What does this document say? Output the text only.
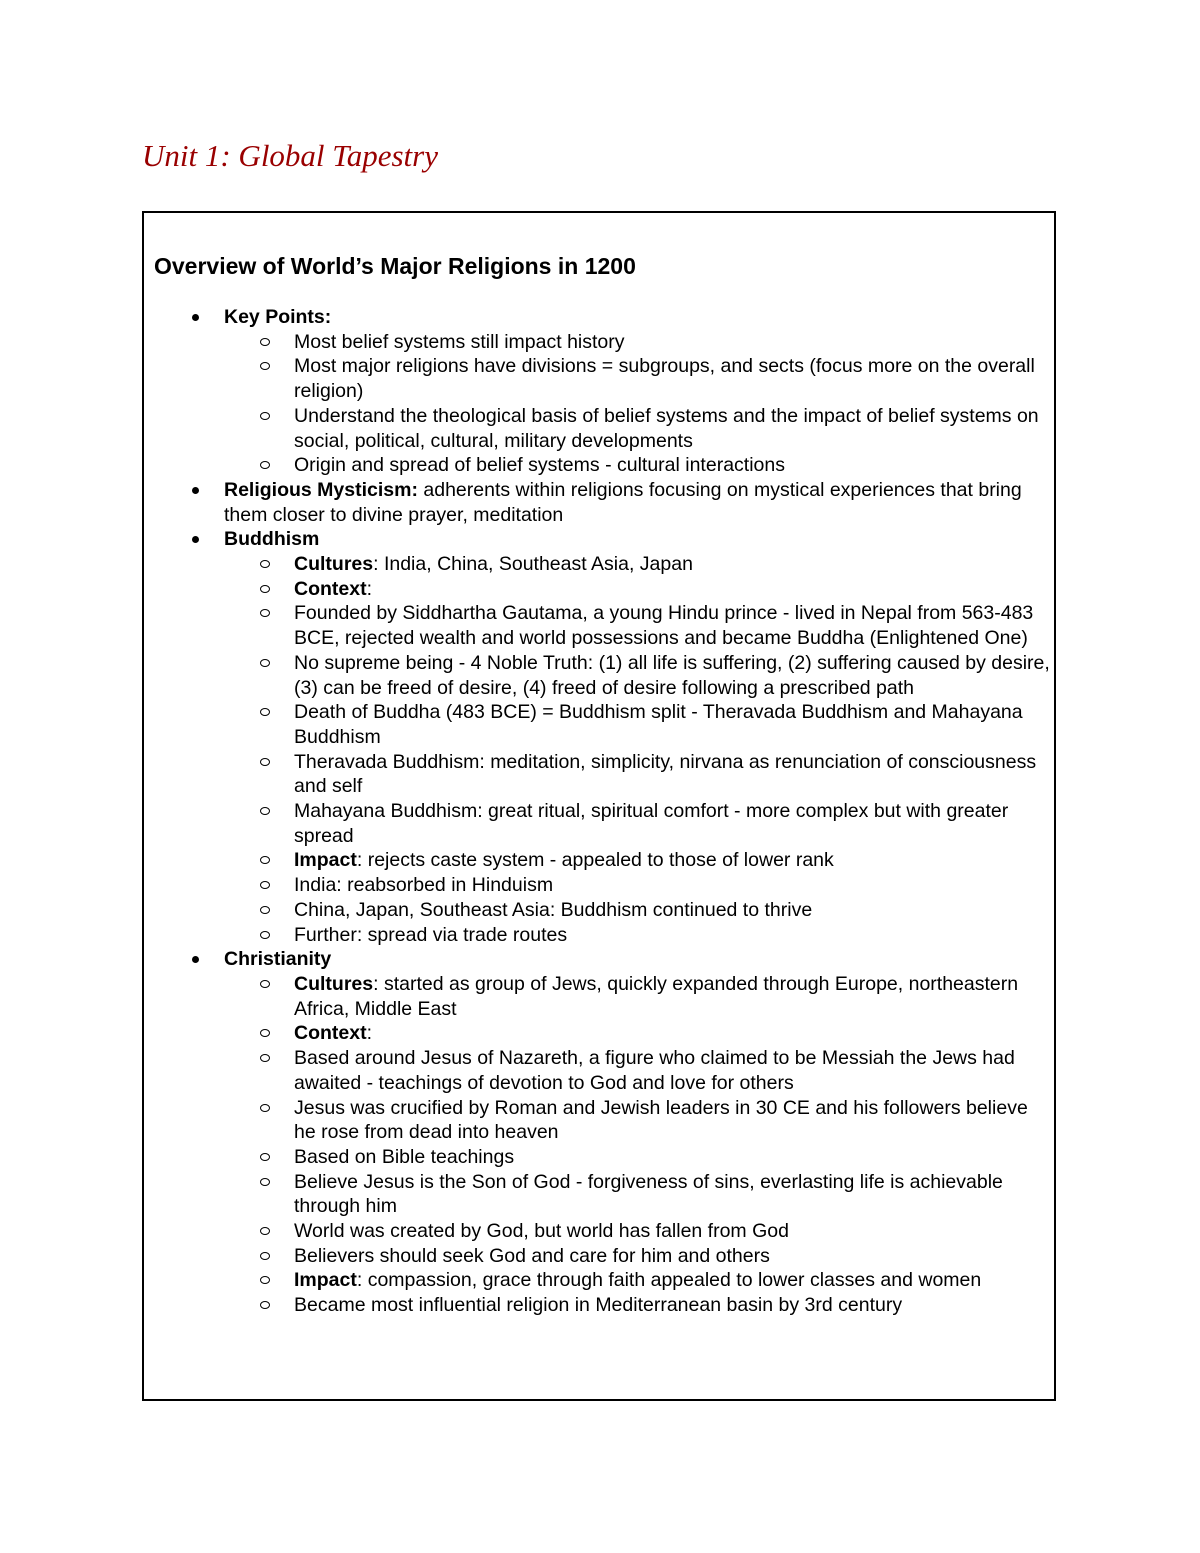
Unit 1: Global Tapestry
Overview of World’s Major Religions in 1200
Key Points:
Most belief systems still impact history
Most major religions have divisions = subgroups, and sects (focus more on the overall religion)
Understand the theological basis of belief systems and the impact of belief systems on social, political, cultural, military developments
Origin and spread of belief systems - cultural interactions
Religious Mysticism: adherents within religions focusing on mystical experiences that bring them closer to divine prayer, meditation
Buddhism
Cultures: India, China, Southeast Asia, Japan
Context:
Founded by Siddhartha Gautama, a young Hindu prince - lived in Nepal from 563-483 BCE, rejected wealth and world possessions and became Buddha (Enlightened One)
No supreme being - 4 Noble Truth: (1) all life is suffering, (2) suffering caused by desire, (3) can be freed of desire, (4) freed of desire following a prescribed path
Death of Buddha (483 BCE) = Buddhism split - Theravada Buddhism and Mahayana Buddhism
Theravada Buddhism: meditation, simplicity, nirvana as renunciation of consciousness and self
Mahayana Buddhism: great ritual, spiritual comfort - more complex but with greater spread
Impact: rejects caste system - appealed to those of lower rank
India: reabsorbed in Hinduism
China, Japan, Southeast Asia: Buddhism continued to thrive
Further: spread via trade routes
Christianity
Cultures: started as group of Jews, quickly expanded through Europe, northeastern Africa, Middle East
Context:
Based around Jesus of Nazareth, a figure who claimed to be Messiah the Jews had awaited - teachings of devotion to God and love for others
Jesus was crucified by Roman and Jewish leaders in 30 CE and his followers believe he rose from dead into heaven
Based on Bible teachings
Believe Jesus is the Son of God - forgiveness of sins, everlasting life is achievable through him
World was created by God, but world has fallen from God
Believers should seek God and care for him and others
Impact: compassion, grace through faith appealed to lower classes and women
Became most influential religion in Mediterranean basin by 3rd century
